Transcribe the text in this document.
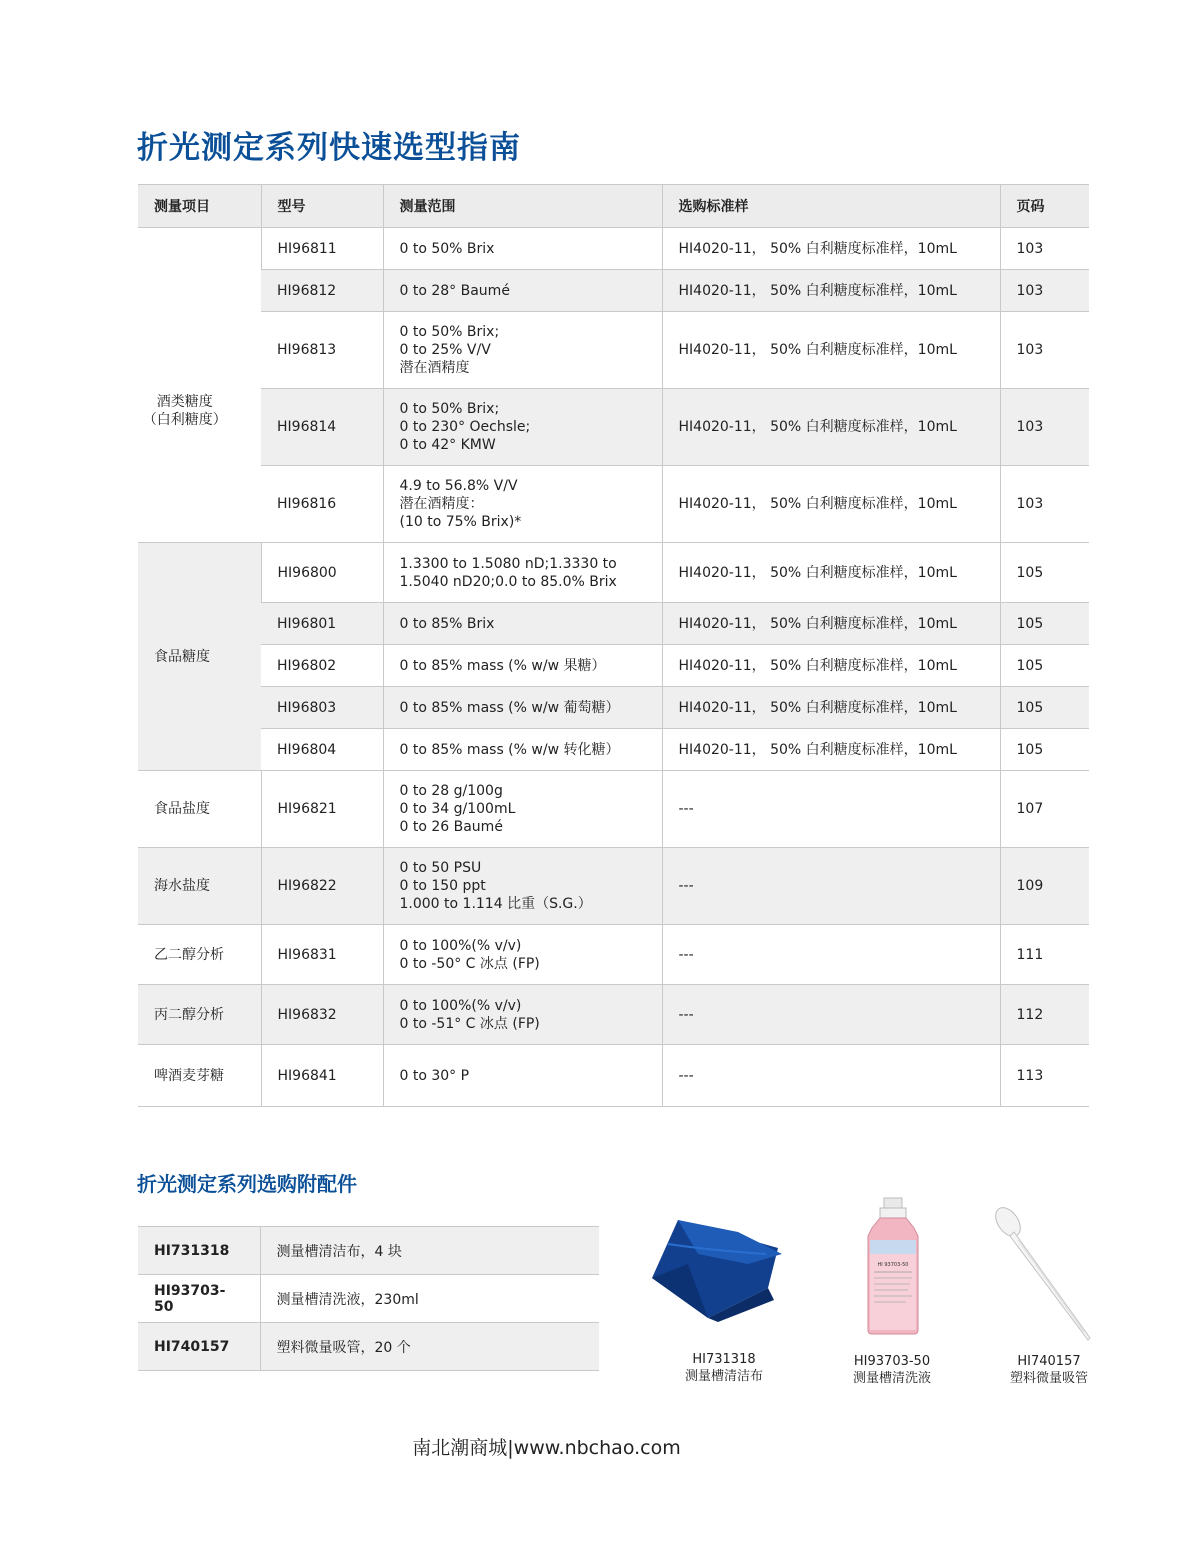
折光测定系列快速选型指南
测量项目	型号	测量范围	选购标准样	页码
酒类糖度
（白利糖度）	HI96811	0 to 50% Brix	HI4020-11， 50% 白利糖度标准样，10mL	103
	HI96812	0 to 28° Baumé	HI4020-11， 50% 白利糖度标准样，10mL	103
	HI96813	0 to 50% Brix;
0 to 25% V/V
潜在酒精度	HI4020-11， 50% 白利糖度标准样，10mL	103
	HI96814	0 to 50% Brix;
0 to 230° Oechsle;
0 to 42° KMW	HI4020-11， 50% 白利糖度标准样，10mL	103
	HI96816	4.9 to 56.8% V/V
潜在酒精度：
(10 to 75% Brix)*	HI4020-11， 50% 白利糖度标准样，10mL	103
食品糖度	HI96800	1.3300 to 1.5080 nD;1.3330 to
1.5040 nD20;0.0 to 85.0% Brix	HI4020-11， 50% 白利糖度标准样，10mL	105
	HI96801	0 to 85% Brix	HI4020-11， 50% 白利糖度标准样，10mL	105
	HI96802	0 to 85% mass (% w/w 果糖）	HI4020-11， 50% 白利糖度标准样，10mL	105
	HI96803	0 to 85% mass (% w/w 葡萄糖）	HI4020-11， 50% 白利糖度标准样，10mL	105
	HI96804	0 to 85% mass (% w/w 转化糖）	HI4020-11， 50% 白利糖度标准样，10mL	105
食品盐度	HI96821	0 to 28 g/100g
0 to 34 g/100mL
0 to 26 Baumé	---	107
海水盐度	HI96822	0 to 50 PSU
0 to 150 ppt
1.000 to 1.114 比重（S.G.）	---	109
乙二醇分析	HI96831	0 to 100%(% v/v)
0 to -50° C 冰点 (FP)	---	111
丙二醇分析	HI96832	0 to 100%(% v/v)
0 to -51° C 冰点 (FP)	---	112
啤酒麦芽糖	HI96841	0 to 30° P	---	113
折光测定系列选购附配件
HI731318	测量槽清洁布，4 块
HI93703-50	测量槽清洗液，230ml
HI740157	塑料微量吸管，20 个
HI 93703-50
HI731318
测量槽清洁布
HI93703-50
测量槽清洗液
HI740157
塑料微量吸管
南北潮商城|www.nbchao.com
